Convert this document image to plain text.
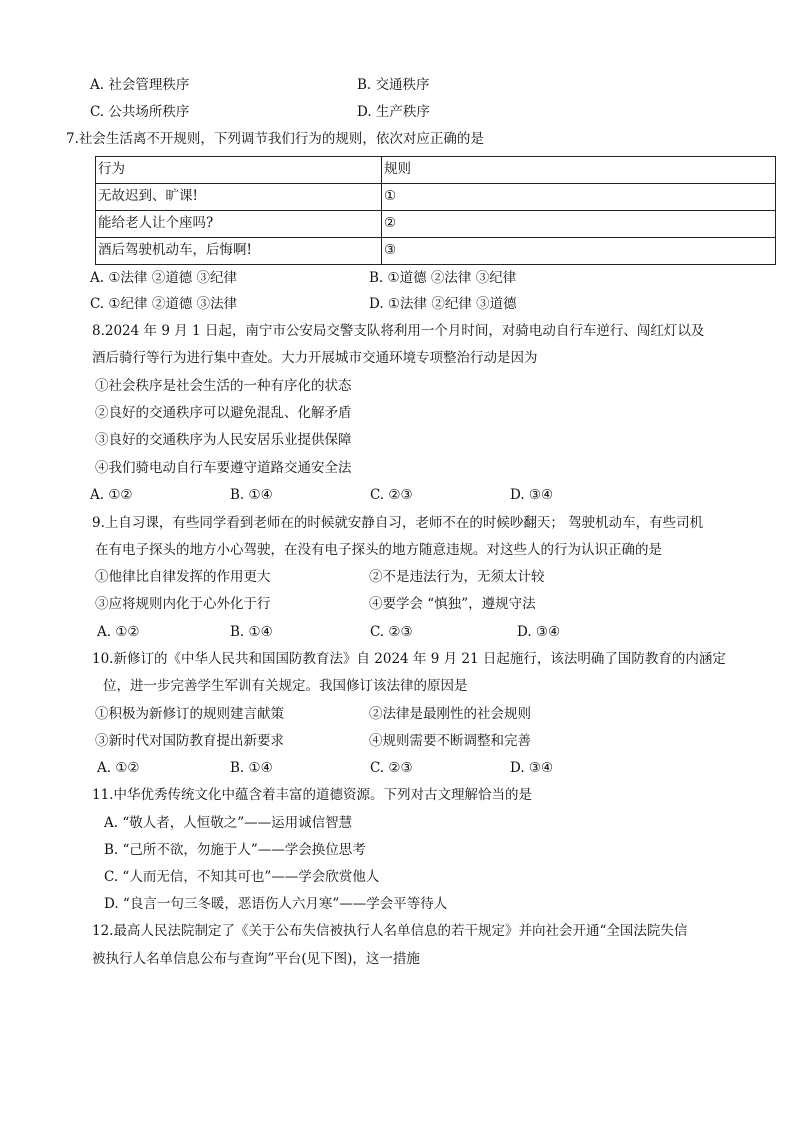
A. 社会管理秩序	B. 交通秩序
C. 公共场所秩序	D. 生产秩序
7.社会生活离不开规则，下列调节我们行为的规则，依次对应正确的是
行为	规则
无故迟到、旷课!	①
能给老人让个座吗?	②
酒后驾驶机动车，后悔啊!	③
A. ①法律 ②道德 ③纪律	B. ①道德 ②法律 ③纪律
C. ①纪律 ②道德 ③法律	D. ①法律 ②纪律 ③道德
8.2024 年 9 月 1 日起，南宁市公安局交警支队将利用一个月时间，对骑电动自行车逆行、闯红灯以及
酒后骑行等行为进行集中查处。大力开展城市交通环境专项整治行动是因为
①社会秩序是社会生活的一种有序化的状态
②良好的交通秩序可以避免混乱、化解矛盾
③良好的交通秩序为人民安居乐业提供保障
④我们骑电动自行车要遵守道路交通安全法
A. ①②	B. ①④	C. ②③	D. ③④
9.上自习课，有些同学看到老师在的时候就安静自习，老师不在的时候吵翻天； 驾驶机动车，有些司机
在有电子探头的地方小心驾驶，在没有电子探头的地方随意违规。对这些人的行为认识正确的是
①他律比自律发挥的作用更大	②不是违法行为，无须太计较
③应将规则内化于心外化于行	④要学会 “慎独”，遵规守法
A. ①②	B. ①④	C. ②③	D. ③④
10.新修订的《中华人民共和国国防教育法》自 2024 年 9 月 21 日起施行，该法明确了国防教育的内涵定
位，进一步完善学生军训有关规定。我国修订该法律的原因是
①积极为新修订的规则建言献策	②法律是最刚性的社会规则
③新时代对国防教育提出新要求	④规则需要不断调整和完善
A. ①②	B. ①④	C. ②③	D. ③④
11.中华优秀传统文化中蕴含着丰富的道德资源。下列对古文理解恰当的是
A. “敬人者，人恒敬之”——运用诚信智慧
B. “己所不欲，勿施于人”——学会换位思考
C. “人而无信，不知其可也”——学会欣赏他人
D. “良言一句三冬暖，恶语伤人六月寒”——学会平等待人
12.最高人民法院制定了《关于公布失信被执行人名单信息的若干规定》并向社会开通“全国法院失信
被执行人名单信息公布与查询”平台(见下图)，这一措施
